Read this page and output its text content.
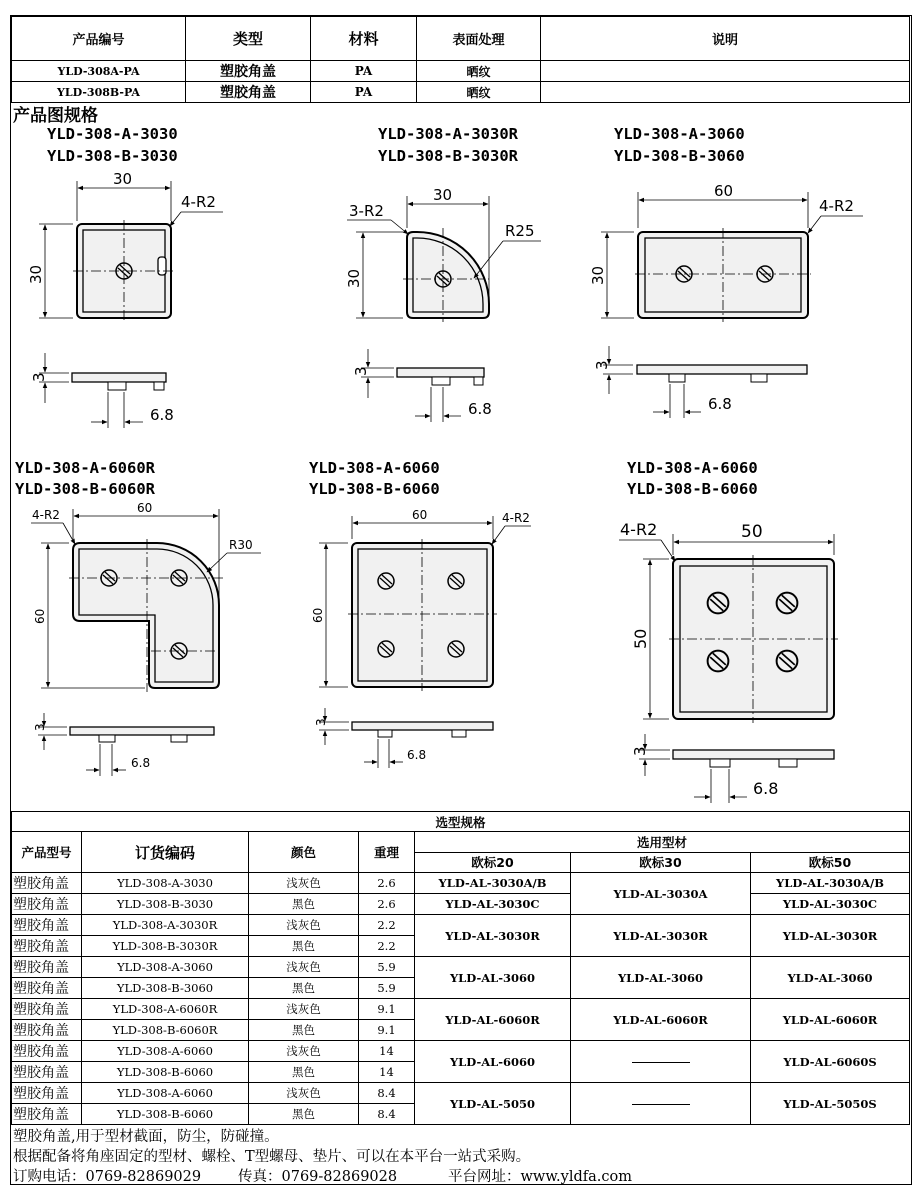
产品编号	类型	材料	表面处理	说明
YLD-308A-PA	塑胶角盖	PA	晒纹	
YLD-308B-PA	塑胶角盖	PA	晒纹	
产品图规格
YLD-308-A-3030
YLD-308-B-3030
30
30
4-R2
3
6.8
YLD-308-A-3030R
YLD-308-B-3030R
30
30
3-R2
R25
3
6.8
YLD-308-A-3060
YLD-308-B-3060
60
30
4-R2
3
6.8
YLD-308-A-6060R
YLD-308-B-6060R
60
60
4-R2
R30
3
6.8
YLD-308-A-6060
YLD-308-B-6060
60
60
4-R2
3
6.8
YLD-308-A-6060
YLD-308-B-6060
50
50
4-R2
3
6.8
选型规格						
产品型号	订货编码	颜色	重理	选用型材		
				欧标20	欧标30	欧标50
塑胶角盖	YLD-308-A-3030	浅灰色	2.6	YLD-AL-3030A/B	YLD-AL-3030A	YLD-AL-3030A/B
塑胶角盖	YLD-308-B-3030	黑色	2.6	YLD-AL-3030C		YLD-AL-3030C
塑胶角盖	YLD-308-A-3030R	浅灰色	2.2	YLD-AL-3030R	YLD-AL-3030R	YLD-AL-3030R
塑胶角盖	YLD-308-B-3030R	黑色	2.2			
塑胶角盖	YLD-308-A-3060	浅灰色	5.9	YLD-AL-3060	YLD-AL-3060	YLD-AL-3060
塑胶角盖	YLD-308-B-3060	黑色	5.9			
塑胶角盖	YLD-308-A-6060R	浅灰色	9.1	YLD-AL-6060R	YLD-AL-6060R	YLD-AL-6060R
塑胶角盖	YLD-308-B-6060R	黑色	9.1			
塑胶角盖	YLD-308-A-6060	浅灰色	14	YLD-AL-6060		YLD-AL-6060S
塑胶角盖	YLD-308-B-6060	黑色	14			
塑胶角盖	YLD-308-A-6060	浅灰色	8.4	YLD-AL-5050		YLD-AL-5050S
塑胶角盖	YLD-308-B-6060	黑色	8.4			
塑胶角盖,用于型材截面，防尘，防碰撞。
根据配备将角座固定的型材、螺栓、T型螺母、垫片、可以在本平台一站式采购。
订购电话：0769-82869029	传真：0769-82869028	平台网址：www.yldfa.com
